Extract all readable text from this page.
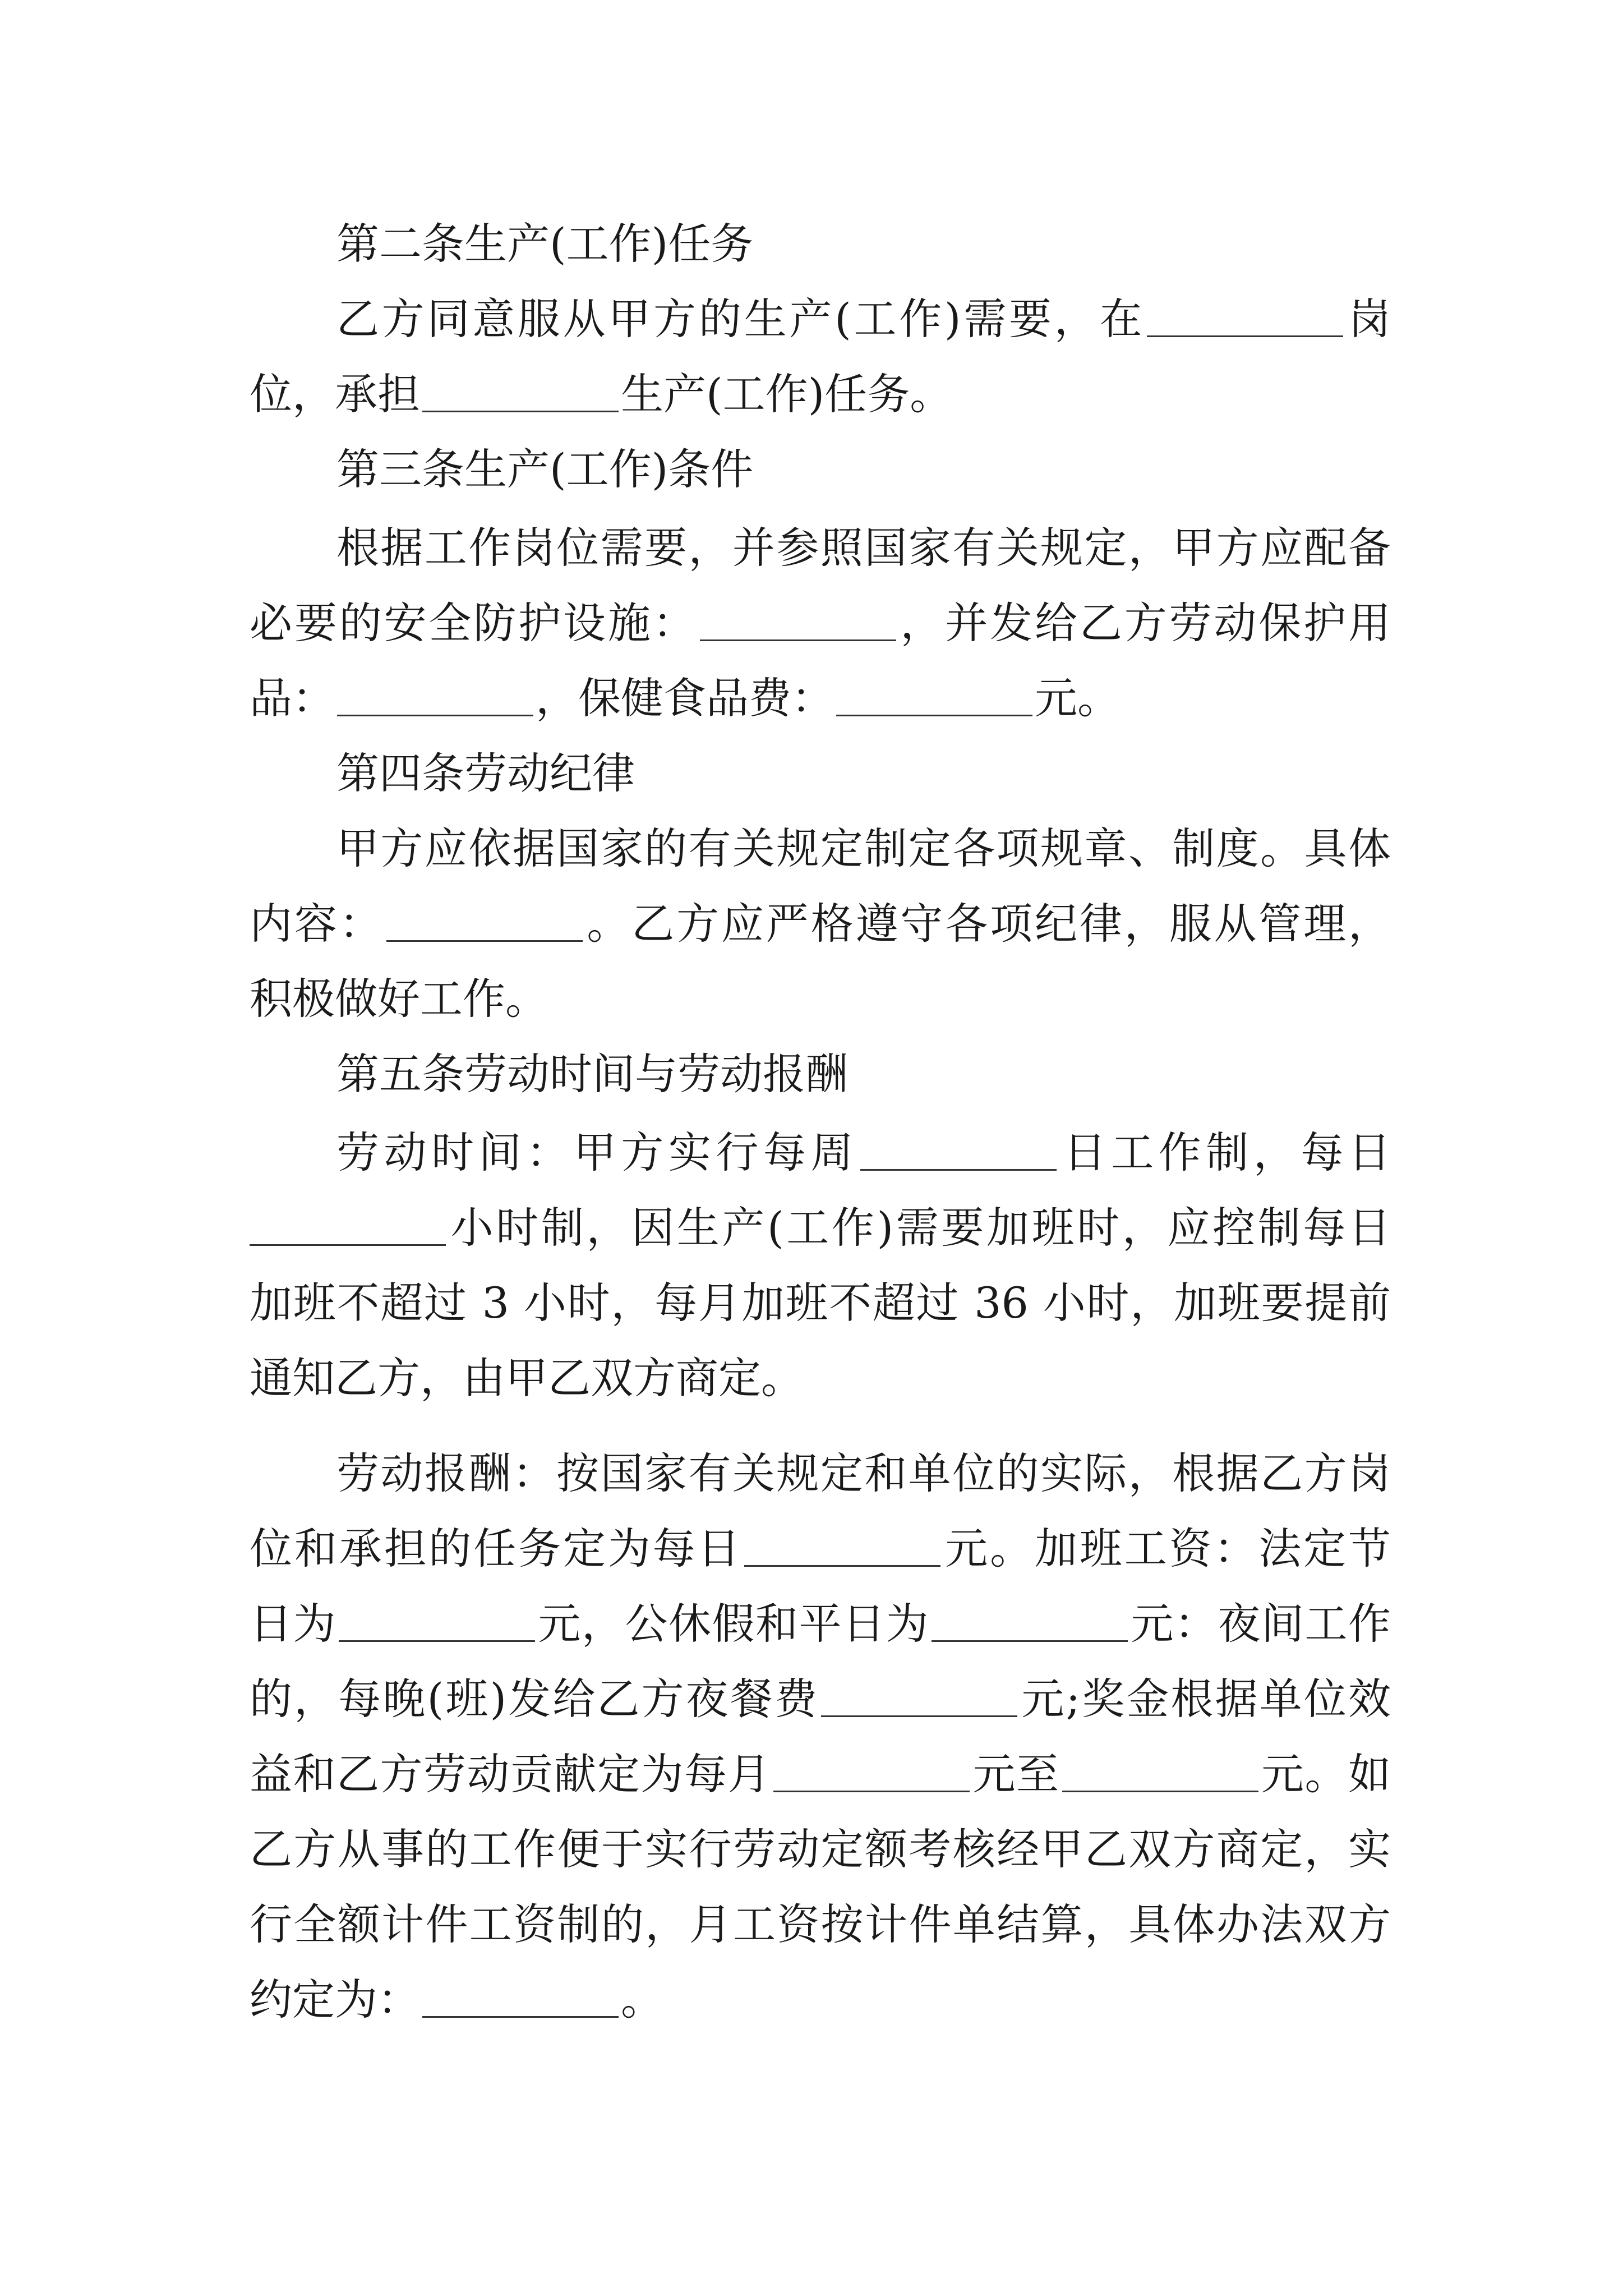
第二条生产(工作)任务
乙方同意服从甲方的生产(工作)需要，在	岗
位，承担	生产(工作)任务。
第三条生产(工作)条件
根据工作岗位需要，并参照国家有关规定，甲方应配备
必要的安全防护设施：	，并发给乙方劳动保护用
品：	，保健食品费：	元。
第四条劳动纪律
甲方应依据国家的有关规定制定各项规章、制度。具体
内容：	。乙方应严格遵守各项纪律，服从管理，
积极做好工作。
第五条劳动时间与劳动报酬
劳动时间：甲方实行每周	日工作制，每日
小时制，因生产(工作)需要加班时，应控制每日
加班不超过 3 小时，每月加班不超过 36 小时，加班要提前
通知乙方，由甲乙双方商定。
劳动报酬：按国家有关规定和单位的实际，根据乙方岗
位和承担的任务定为每日	元。加班工资：法定节
日为	元，公休假和平日为	元：夜间工作
的，每晚(班)发给乙方夜餐费	元;奖金根据单位效
益和乙方劳动贡献定为每月	元至	元。如
乙方从事的工作便于实行劳动定额考核经甲乙双方商定，实
行全额计件工资制的，月工资按计件单结算，具体办法双方
约定为：	。
